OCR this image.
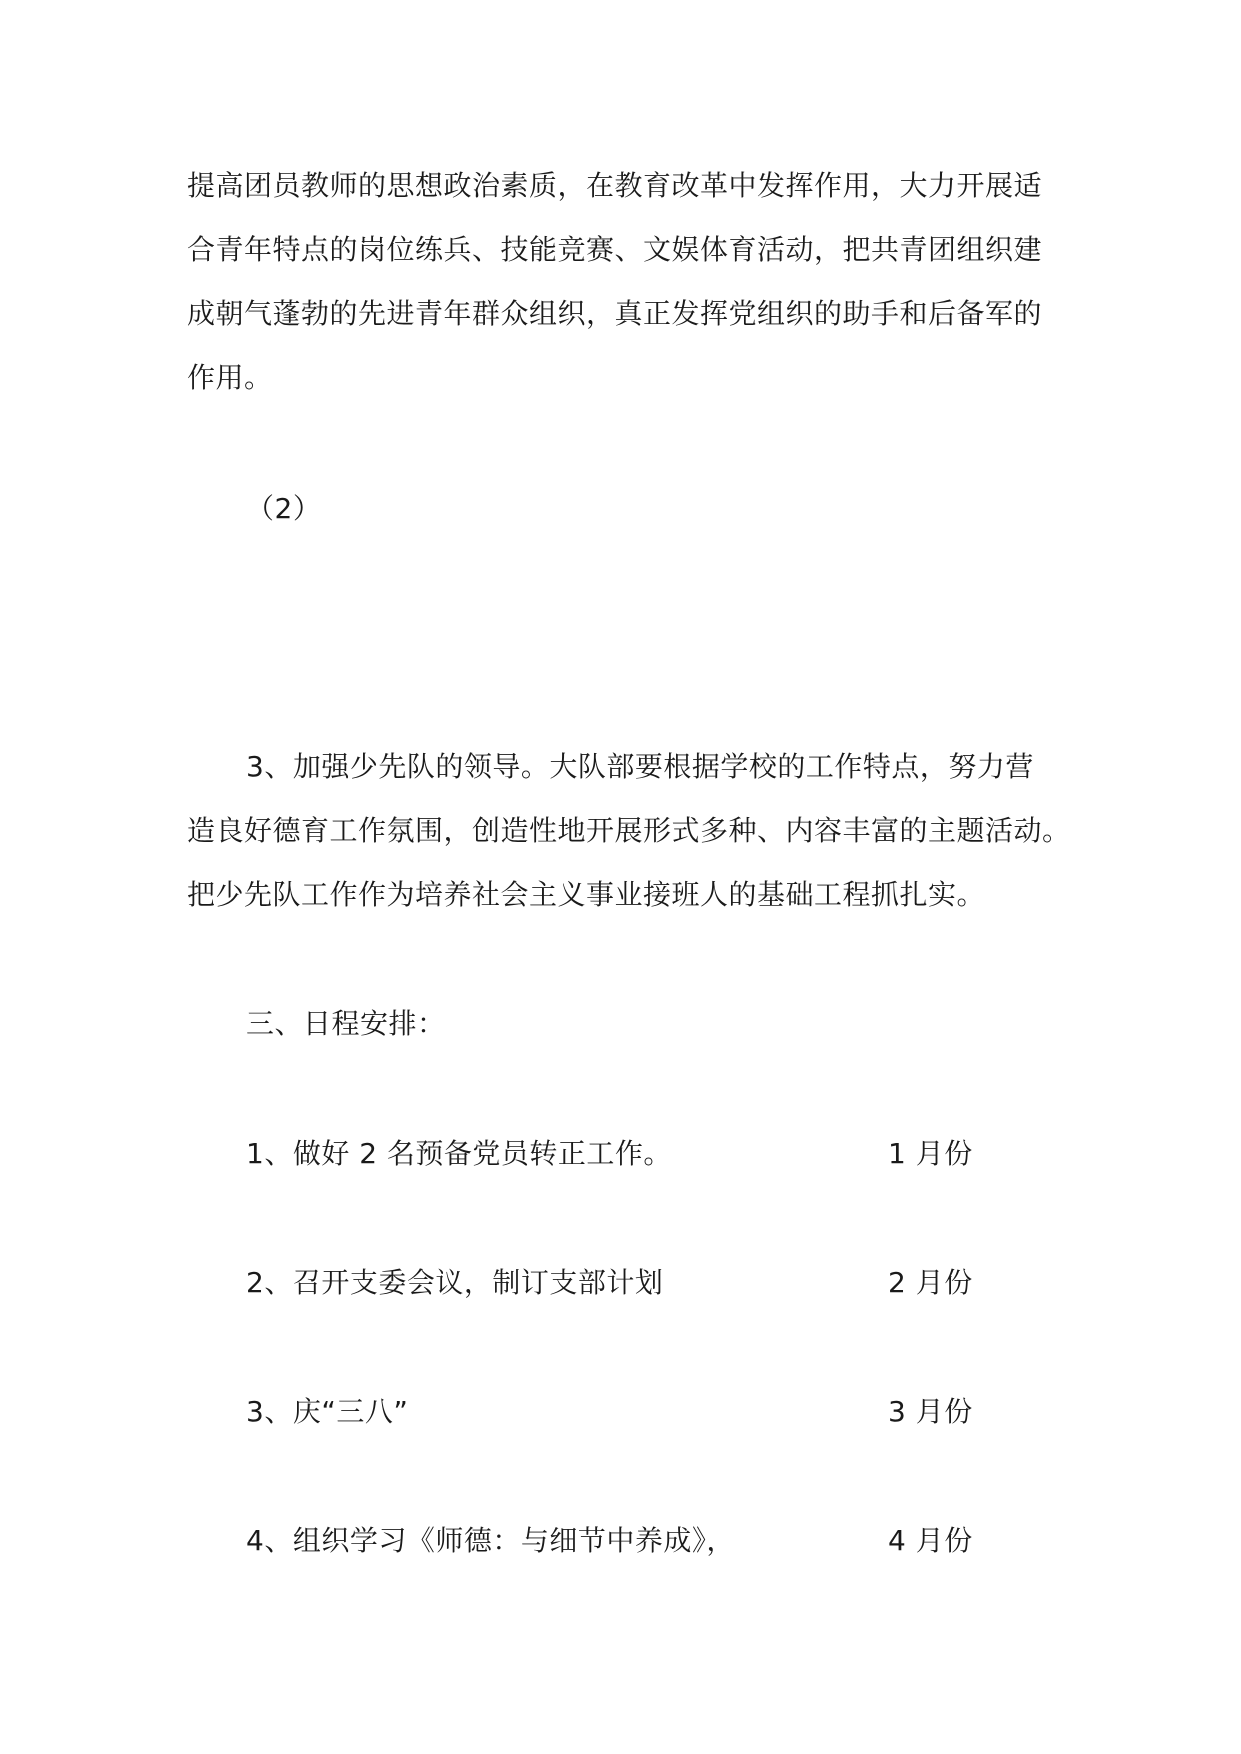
提高团员教师的思想政治素质，在教育改革中发挥作用，大力开展适
合青年特点的岗位练兵、技能竞赛、文娱体育活动，把共青团组织建
成朝气蓬勃的先进青年群众组织，真正发挥党组织的助手和后备军的
作用。
（2）
3、加强少先队的领导。大队部要根据学校的工作特点，努力营
造良好德育工作氛围，创造性地开展形式多种、内容丰富的主题活动。
把少先队工作作为培养社会主义事业接班人的基础工程抓扎实。
三、日程安排：
1、做好 2 名预备党员转正工作。	1 月份
2、召开支委会议，制订支部计划	2 月份
3、庆“三八”	3 月份
4、组织学习《师德：与细节中养成》，	4 月份
